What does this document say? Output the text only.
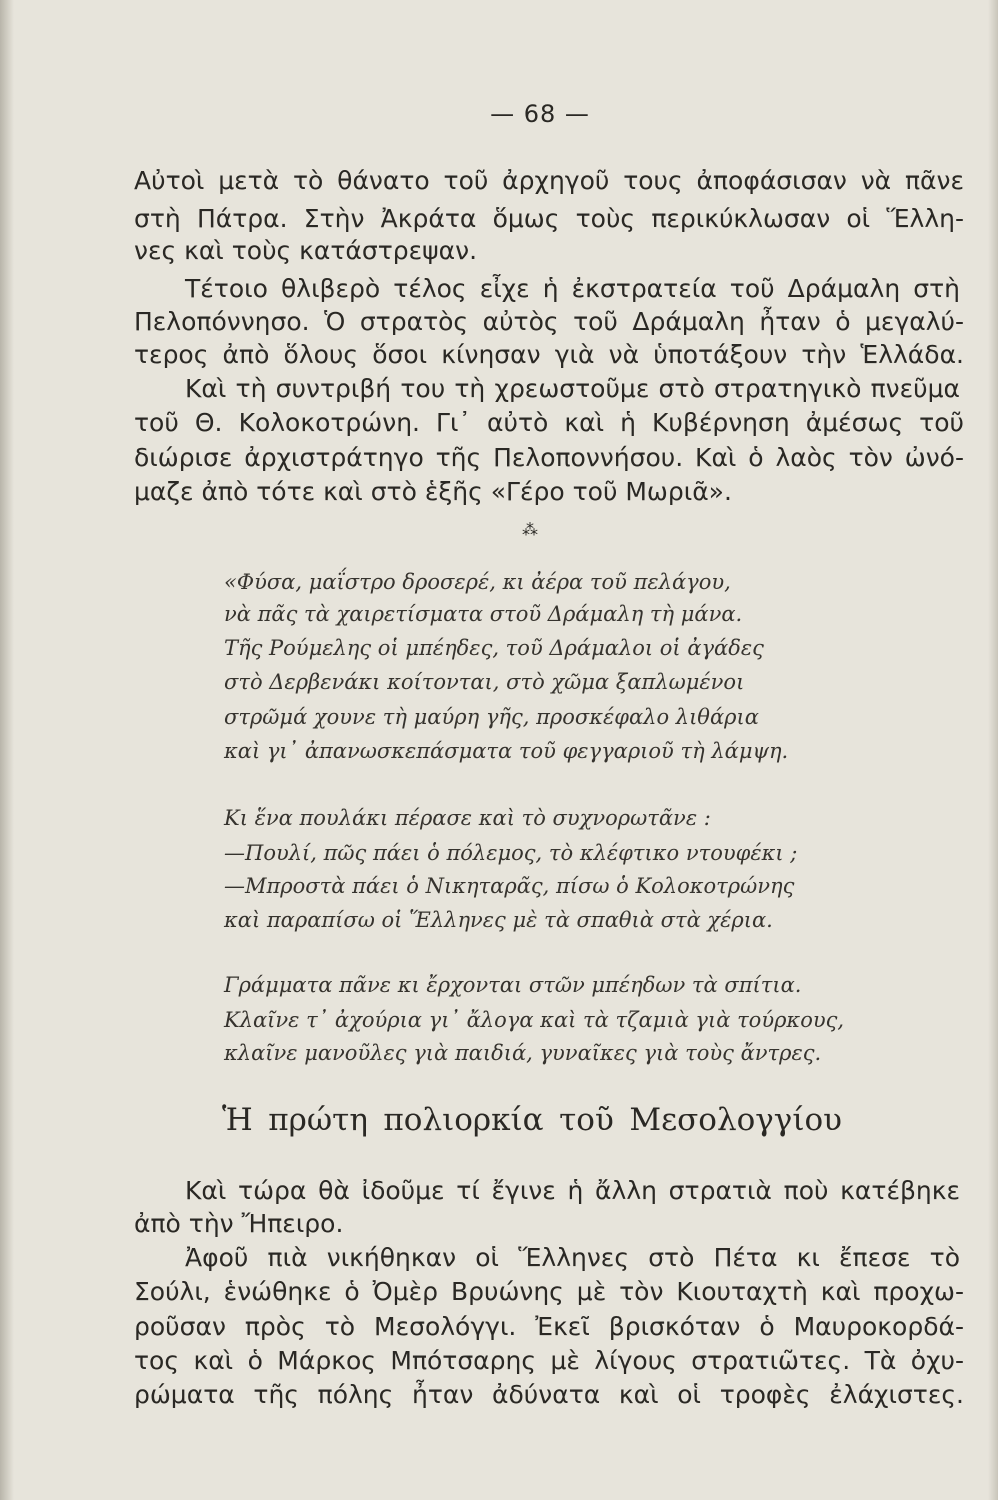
— 68 —
Αὐτοὶ μετὰ τὸ θάνατο τοῦ ἀρχηγοῦ τους ἀποφάσισαν νὰ πᾶνε
στὴ Πάτρα. Στὴν Ἀκράτα ὅμως τοὺς περικύκλωσαν οἱ Ἕλλη-
νες καὶ τοὺς κατάστρεψαν.
Τέτοιο θλιβερὸ τέλος εἶχε ἡ ἐκστρατεία τοῦ Δράμαλη στὴ
Πελοπόννησο. Ὁ στρατὸς αὐτὸς τοῦ Δράμαλη ἦταν ὁ μεγαλύ-
τερος ἀπὸ ὅλους ὅσοι κίνησαν γιὰ νὰ ὑποτάξουν τὴν Ἑλλάδα.
Καὶ τὴ συντριβή του τὴ χρεωστοῦμε στὸ στρατηγικὸ πνεῦμα
τοῦ Θ. Κολοκοτρώνη. Γι᾿ αὐτὸ καὶ ἡ Κυβέρνηση ἀμέσως τοῦ
διώρισε ἀρχιστράτηγο τῆς Πελοποννήσου. Καὶ ὁ λαὸς τὸν ὠνό-
μαζε ἀπὸ τότε καὶ στὸ ἑξῆς «Γέρο τοῦ Μωριᾶ».
⁂
«Φύσα, μαΐστρο δροσερέ, κι ἀέρα τοῦ πελάγου,
νὰ πᾶς τὰ χαιρετίσματα στοῦ Δράμαλη τὴ μάνα.
Τῆς Ρούμελης οἱ μπέηδες, τοῦ Δράμαλοι οἱ ἀγάδες
στὸ Δερβενάκι κοίτονται, στὸ χῶμα ξαπλωμένοι
στρῶμά χουνε τὴ μαύρη γῆς, προσκέφαλο λιθάρια
καὶ γι᾿ ἀπανωσκεπάσματα τοῦ φεγγαριοῦ τὴ λάμψη.
Κι ἕνα πουλάκι πέρασε καὶ τὸ συχνορωτᾶνε :
—Πουλί, πῶς πάει ὁ πόλεμος, τὸ κλέφτικο ντουφέκι ;
—Μπροστὰ πάει ὁ Νικηταρᾶς, πίσω ὁ Κολοκοτρώνης
καὶ παραπίσω οἱ Ἕλληνες μὲ τὰ σπαθιὰ στὰ χέρια.
Γράμματα πᾶνε κι ἔρχονται στῶν μπέηδων τὰ σπίτια.
Κλαῖνε τ᾿ ἀχούρια γι᾿ ἄλογα καὶ τὰ τζαμιὰ γιὰ τούρκους,
κλαῖνε μανοῦλες γιὰ παιδιά, γυναῖκες γιὰ τοὺς ἄντρες.
Ἡ πρώτη πολιορκία τοῦ Μεσολογγίου
Καὶ τώρα θὰ ἰδοῦμε τί ἔγινε ἡ ἄλλη στρατιὰ ποὺ κατέβηκε
ἀπὸ τὴν Ἤπειρο.
Ἀφοῦ πιὰ νικήθηκαν οἱ Ἕλληνες στὸ Πέτα κι ἔπεσε τὸ
Σούλι, ἑνώθηκε ὁ Ὀμὲρ Βρυώνης μὲ τὸν Κιουταχτὴ καὶ προχω-
ροῦσαν πρὸς τὸ Μεσολόγγι. Ἐκεῖ βρισκόταν ὁ Μαυροκορδά-
τος καὶ ὁ Μάρκος Μπότσαρης μὲ λίγους στρατιῶτες. Τὰ ὀχυ-
ρώματα τῆς πόλης ἦταν ἀδύνατα καὶ οἱ τροφὲς ἐλάχιστες.
